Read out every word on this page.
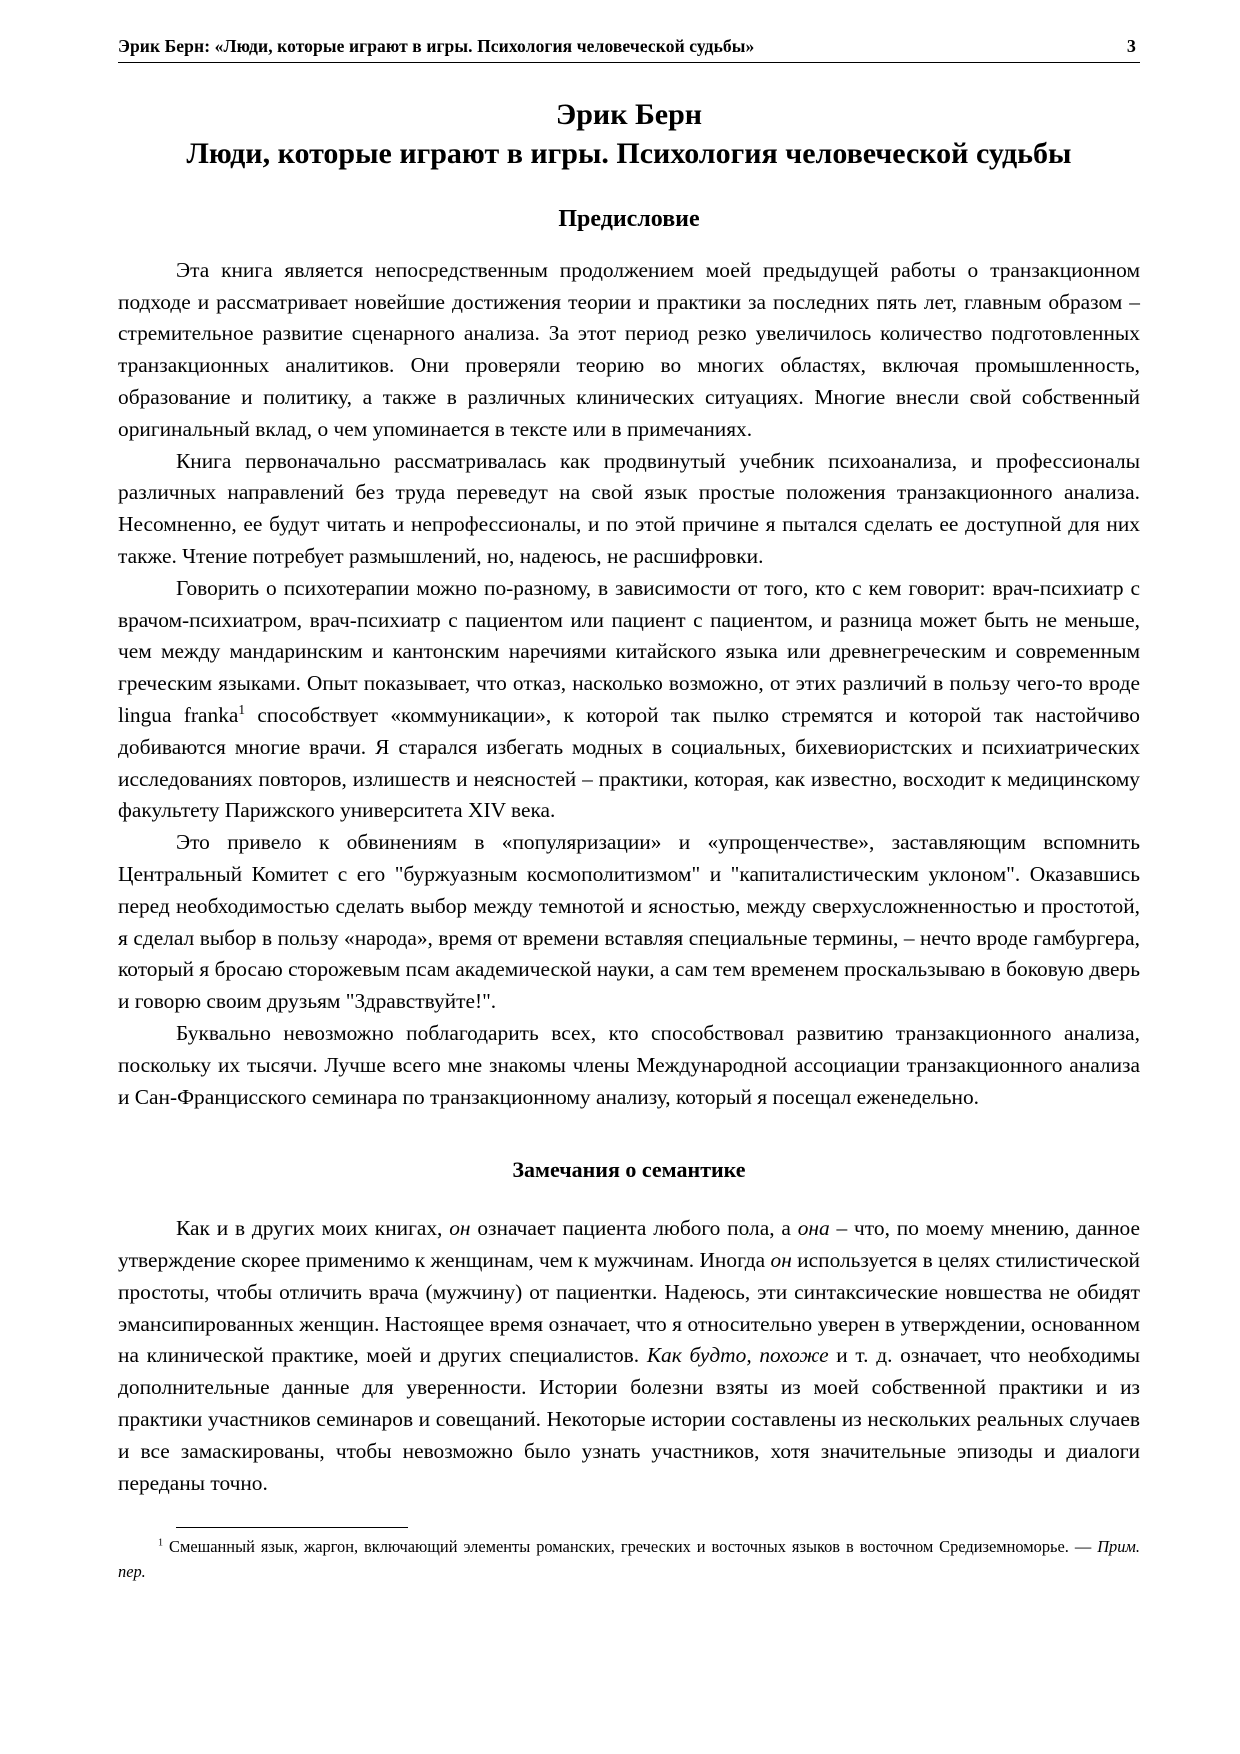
Эрик Берн: «Люди, которые играют в игры. Психология человеческой судьбы»	3
Эрик Берн
Люди, которые играют в игры. Психология человеческой судьбы
Предисловие

Эта книга является непосредственным продолжением моей предыдущей работы о транзакционном подходе и рассматривает новейшие достижения теории и практики за последних пять лет, главным образом – стремительное развитие сценарного анализа. За этот период резко увеличилось количество подготовленных транзакционных аналитиков. Они проверяли теорию во многих областях, включая промышленность, образование и политику, а также в различных клинических ситуациях. Многие внесли свой собственный оригинальный вклад, о чем упоминается в тексте или в примечаниях.

Книга первоначально рассматривалась как продвинутый учебник психоанализа, и профессионалы различных направлений без труда переведут на свой язык простые положения транзакционного анализа. Несомненно, ее будут читать и непрофессионалы, и по этой причине я пытался сделать ее доступной для них также. Чтение потребует размышлений, но, надеюсь, не расшифровки.

Говорить о психотерапии можно по-разному, в зависимости от того, кто с кем говорит: врач-психиатр с врачом-психиатром, врач-психиатр с пациентом или пациент с пациентом, и разница может быть не меньше, чем между мандаринским и кантонским наречиями китайского языка или древнегреческим и современным греческим языками. Опыт показывает, что отказ, насколько возможно, от этих различий в пользу чего-то вроде lingua franka$^1$ способствует «коммуникации», к которой так пылко стремятся и которой так настойчиво добиваются многие врачи. Я старался избегать модных в социальных, бихевиористских и психиатрических исследованиях повторов, излишеств и неясностей – практики, которая, как известно, восходит к медицинскому факультету Парижского университета XIV века.

Это привело к обвинениям в «популяризации» и «упрощенчестве», заставляющим вспомнить Центральный Комитет с его "буржуазным космополитизмом" и "капиталистическим уклоном". Оказавшись перед необходимостью сделать выбор между темнотой и ясностью, между сверхусложненностью и простотой, я сделал выбор в пользу «народа», время от времени вставляя специальные термины, – нечто вроде гамбургера, который я бросаю сторожевым псам академической науки, а сам тем временем проскальзываю в боковую дверь и говорю своим друзьям "Здравствуйте!".

Буквально невозможно поблагодарить всех, кто способствовал развитию транзакционного анализа, поскольку их тысячи. Лучше всего мне знакомы члены Международной ассоциации транзакционного анализа и Сан-Францисского семинара по транзакционному анализу, который я посещал еженедельно.

Замечания о семантике

Как и в других моих книгах, он означает пациента любого пола, а она – что, по моему мнению, данное утверждение скорее применимо к женщинам, чем к мужчинам. Иногда он используется в целях стилистической простоты, чтобы отличить врача (мужчину) от пациентки. Надеюсь, эти синтаксические новшества не обидят эмансипированных женщин. Настоящее время означает, что я относительно уверен в утверждении, основанном на клинической практике, моей и других специалистов. Как будто, похоже и т. д. означает, что необходимы дополнительные данные для уверенности. Истории болезни взяты из моей собственной практики и из практики участников семинаров и совещаний. Некоторые истории составлены из нескольких реальных случаев и все замаскированы, чтобы невозможно было узнать участников, хотя значительные эпизоды и диалоги переданы точно.

$^1$ Смешанный язык, жаргон, включающий элементы романских, греческих и восточных языков в восточном Средиземноморье. — Прим. пер.
